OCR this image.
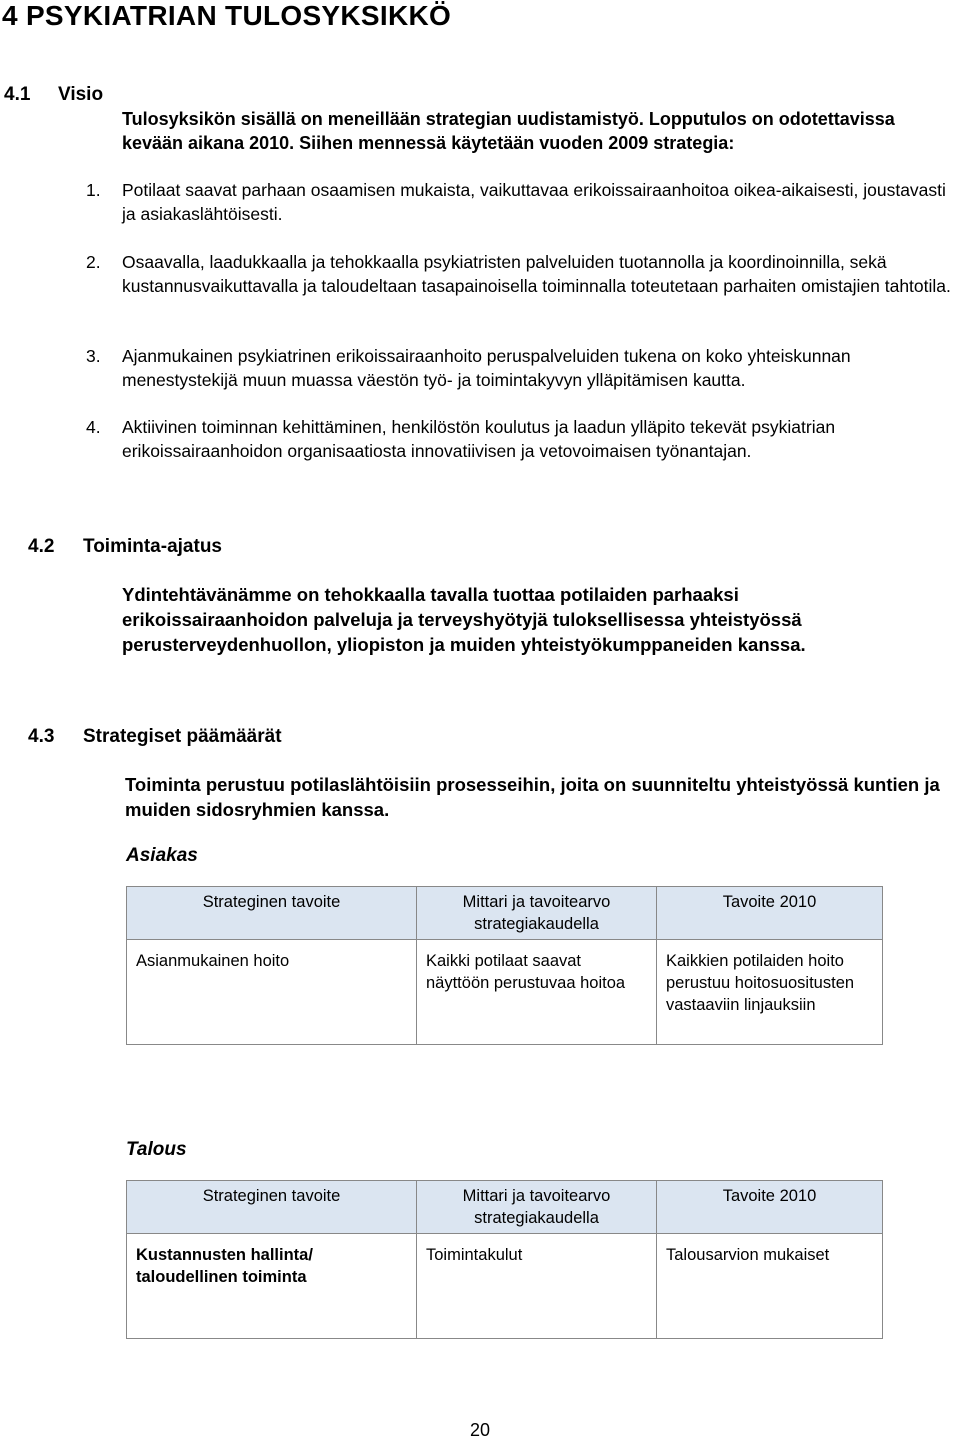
4 PSYKIATRIAN TULOSYKSIKKÖ
4.1 Visio
Tulosyksikön sisällä on meneillään strategian uudistamistyö. Lopputulos on odotettavissa kevään aikana 2010. Siihen mennessä käytetään vuoden 2009 strategia:
1. Potilaat saavat parhaan osaamisen mukaista, vaikuttavaa erikoissairaanhoitoa oikea-aikaisesti, joustavasti ja asiakaslähtöisesti.
2. Osaavalla, laadukkaalla ja tehokkaalla psykiatristen palveluiden tuotannolla ja koordinoinnilla, sekä kustannusvaikuttavalla ja taloudeltaan tasapainoisella toiminnalla toteutetaan parhaiten omistajien tahtotila.
3. Ajanmukainen psykiatrinen erikoissairaanhoito peruspalveluiden tukena on koko yhteiskunnan menestystekijä muun muassa väestön työ- ja toimintakyvyn ylläpitämisen kautta.
4. Aktiivinen toiminnan kehittäminen, henkilöstön koulutus ja laadun ylläpito tekevät psykiatrian erikoissairaanhoidon organisaatiosta innovatiivisen ja vetovoimaisen työnantajan.
4.2 Toiminta-ajatus
Ydintehtävänämme on tehokkaalla tavalla tuottaa potilaiden parhaaksi erikoissairaanhoidon palveluja ja terveyshyötyjä tuloksellisessa yhteistyössä perusterveydenhuollon, yliopiston ja muiden yhteistyökumppaneiden kanssa.
4.3 Strategiset päämäärät
Toiminta perustuu potilaslähtöisiin prosesseihin, joita on suunniteltu yhteistyössä kuntien ja muiden sidosryhmien kanssa.
Asiakas
Strateginen tavoite	Mittari ja tavoitearvo strategiakaudella	Tavoite 2010
Asianmukainen hoito	Kaikki potilaat saavat näyttöön perustuvaa hoitoa	Kaikkien potilaiden hoito perustuu hoitosuositusten vastaaviin linjauksiin
Talous
Strateginen tavoite	Mittari ja tavoitearvo strategiakaudella	Tavoite 2010
Kustannusten hallinta/ taloudellinen toiminta	Toimintakulut	Talousarvion mukaiset
20
